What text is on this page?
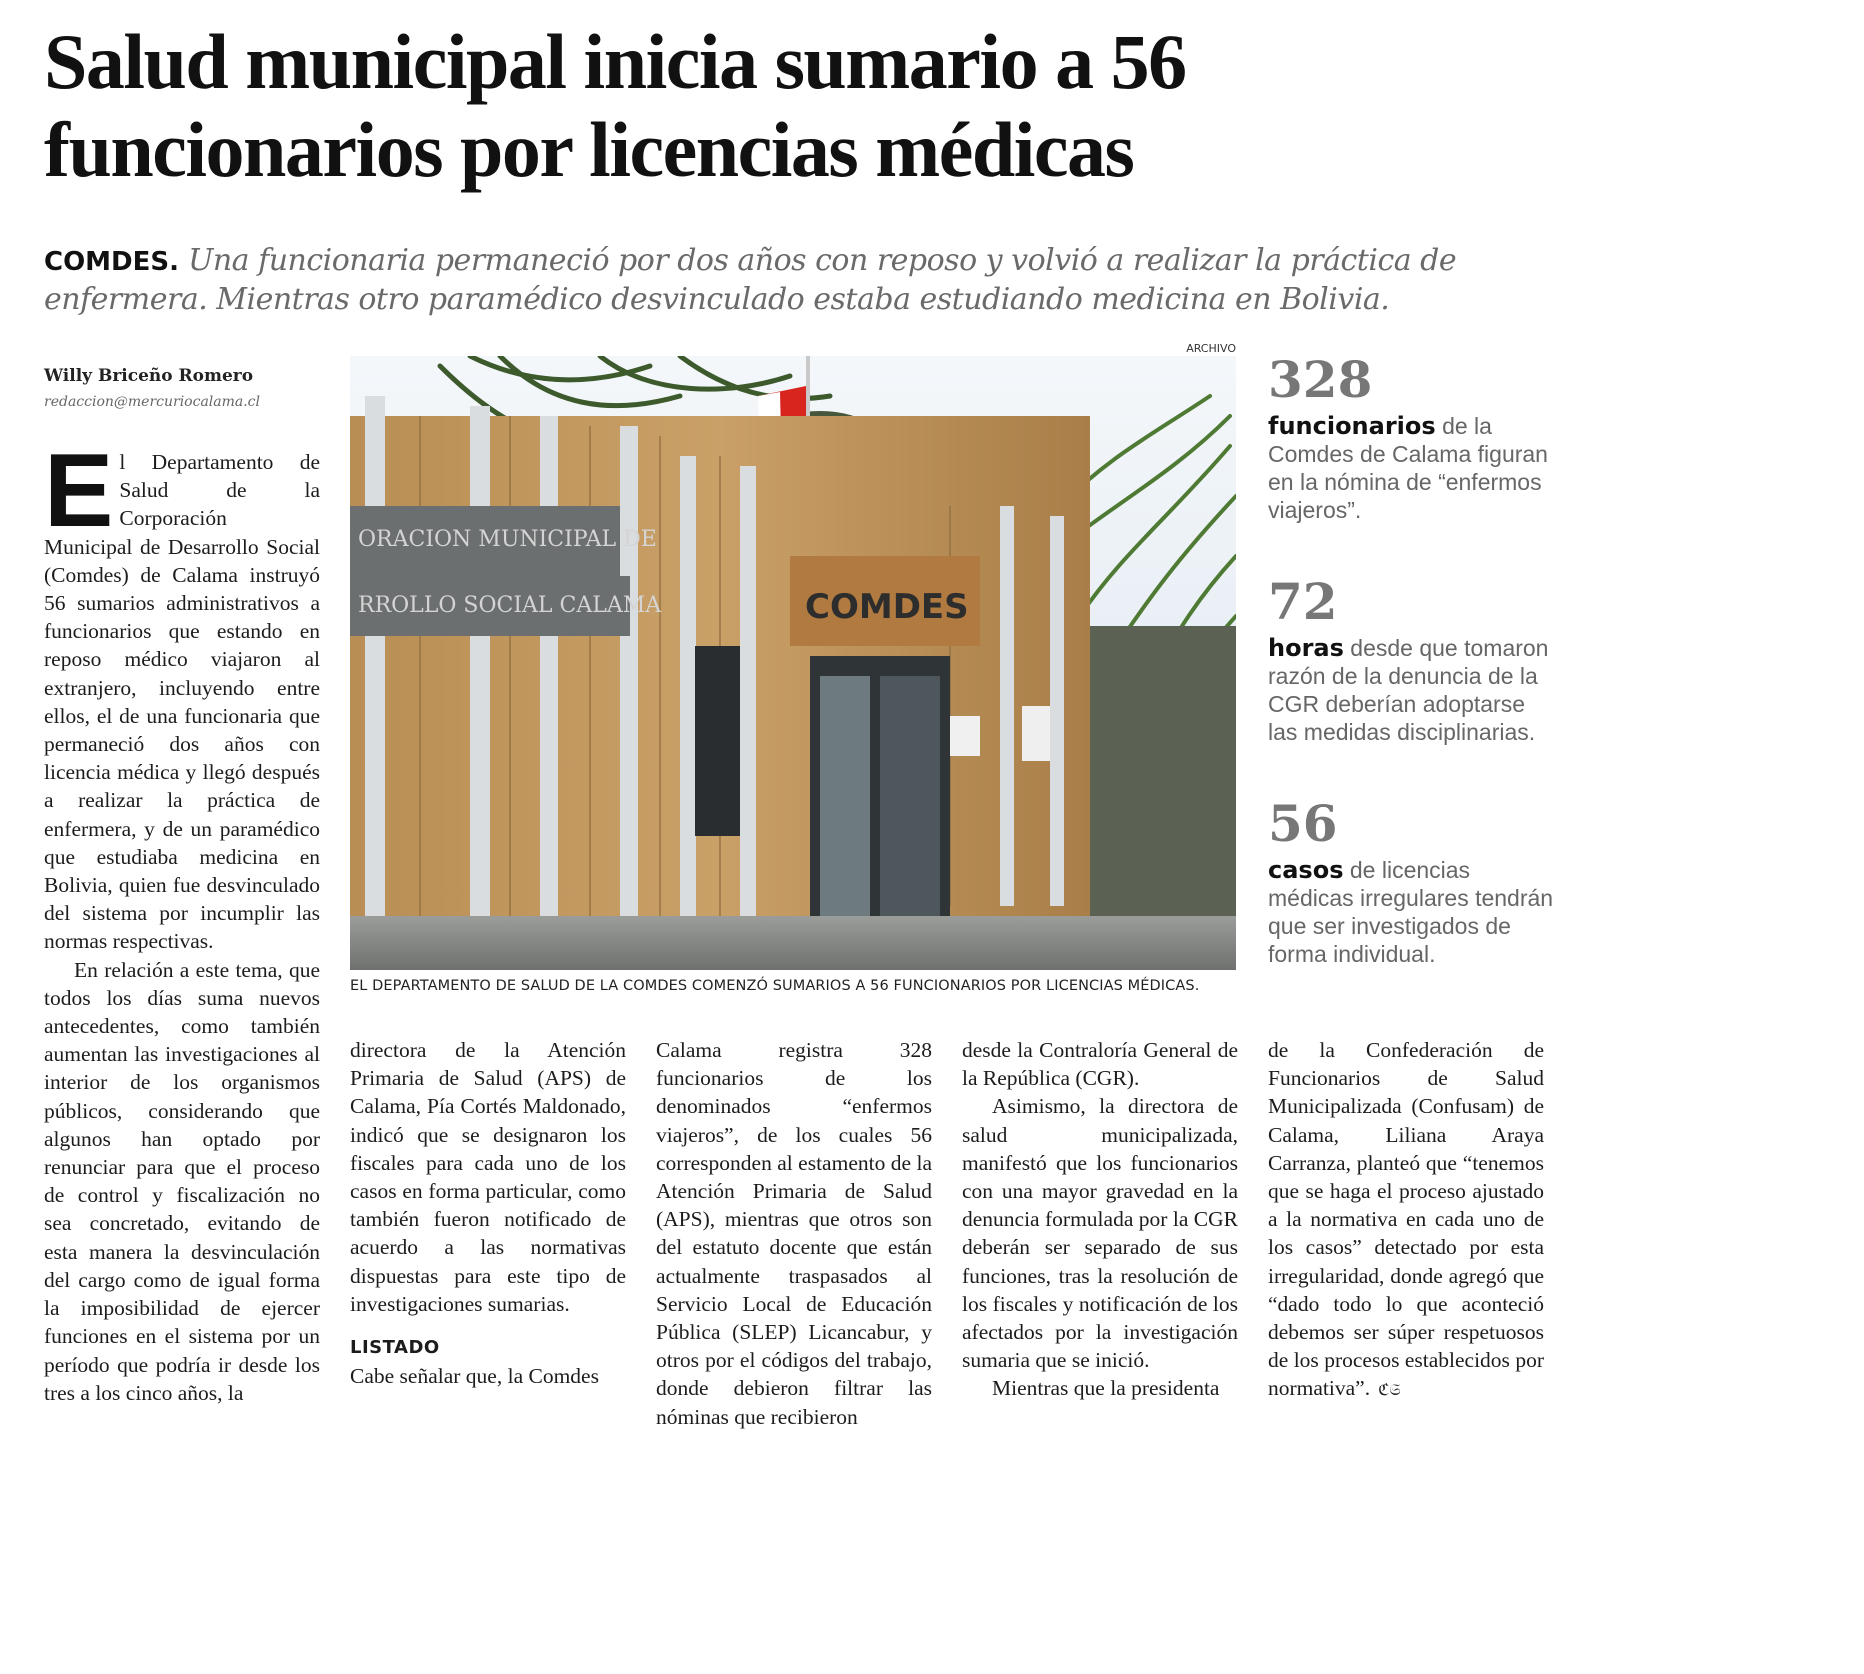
Salud municipal inicia sumario a 56
funcionarios por licencias médicas

COMDES. Una funcionaria permaneció por dos años con reposo y volvió a realizar la práctica de enfermera. Mientras otro paramédico desvinculado estaba estudiando medicina en Bolivia.

Willy Briceño Romero
redaccion@mercuriocalama.cl

El Departamento de Salud de la Corporación Municipal de Desarrollo Social (Comdes) de Calama instruyó 56 sumarios administrativos a funcionarios que estando en reposo médico viajaron al extranjero, incluyendo entre ellos, el de una funcionaria que permaneció dos años con licencia médica y llegó después a realizar la práctica de enfermera, y de un paramédico que estudiaba medicina en Bolivia, quien fue desvinculado del sistema por incumplir las normas respectivas.

En relación a este tema, que todos los días suma nuevos antecedentes, como también aumentan las investigaciones al interior de los organismos públicos, considerando que algunos han optado por renunciar para que el proceso de control y fiscalización no sea concretado, evitando de esta manera la desvinculación del cargo como de igual forma la imposibilidad de ejercer funciones en el sistema por un período que podría ir desde los tres a los cinco años, la

ARCHIVO
ORACION MUNICIPAL DE
RROLLO SOCIAL CALAMA	COMDES
EL DEPARTAMENTO DE SALUD DE LA COMDES COMENZÓ SUMARIOS A 56 FUNCIONARIOS POR LICENCIAS MÉDICAS.
328
funcionarios de la Comdes de Calama figuran en la nómina de “enfermos viajeros”.
72
horas desde que tomaron razón de la denuncia de la CGR deberían adoptarse las medidas disciplinarias.
56
casos de licencias médicas irregulares tendrán que ser investigados de forma individual.

directora de la Atención Primaria de Salud (APS) de Calama, Pía Cortés Maldonado, indicó que se designaron los fiscales para cada uno de los casos en forma particular, como también fueron notificado de acuerdo a las normativas dispuestas para este tipo de investigaciones sumarias.

LISTADO

Cabe señalar que, la Comdes

Calama registra 328 funcionarios de los denominados “enfermos viajeros”, de los cuales 56 corresponden al estamento de la Atención Primaria de Salud (APS), mientras que otros son del estatuto docente que están actualmente traspasados al Servicio Local de Educación Pública (SLEP) Licancabur, y otros por el códigos del trabajo, donde debieron filtrar las nóminas que recibieron

desde la Contraloría General de la República (CGR).

Asimismo, la directora de salud municipalizada, manifestó que los funcionarios con una mayor gravedad en la denuncia formulada por la CGR deberán ser separado de sus funciones, tras la resolución de los fiscales y notificación de los afectados por la investigación sumaria que se inició.

Mientras que la presidenta

de la Confederación de Funcionarios de Salud Municipalizada (Confusam) de Calama, Liliana Araya Carranza, planteó que “tenemos que se haga el proceso ajustado a la normativa en cada uno de los casos” detectado por esta irregularidad, donde agregó que “dado todo lo que aconteció debemos ser súper respetuosos de los procesos establecidos por normativa”. ℭ𝔖
